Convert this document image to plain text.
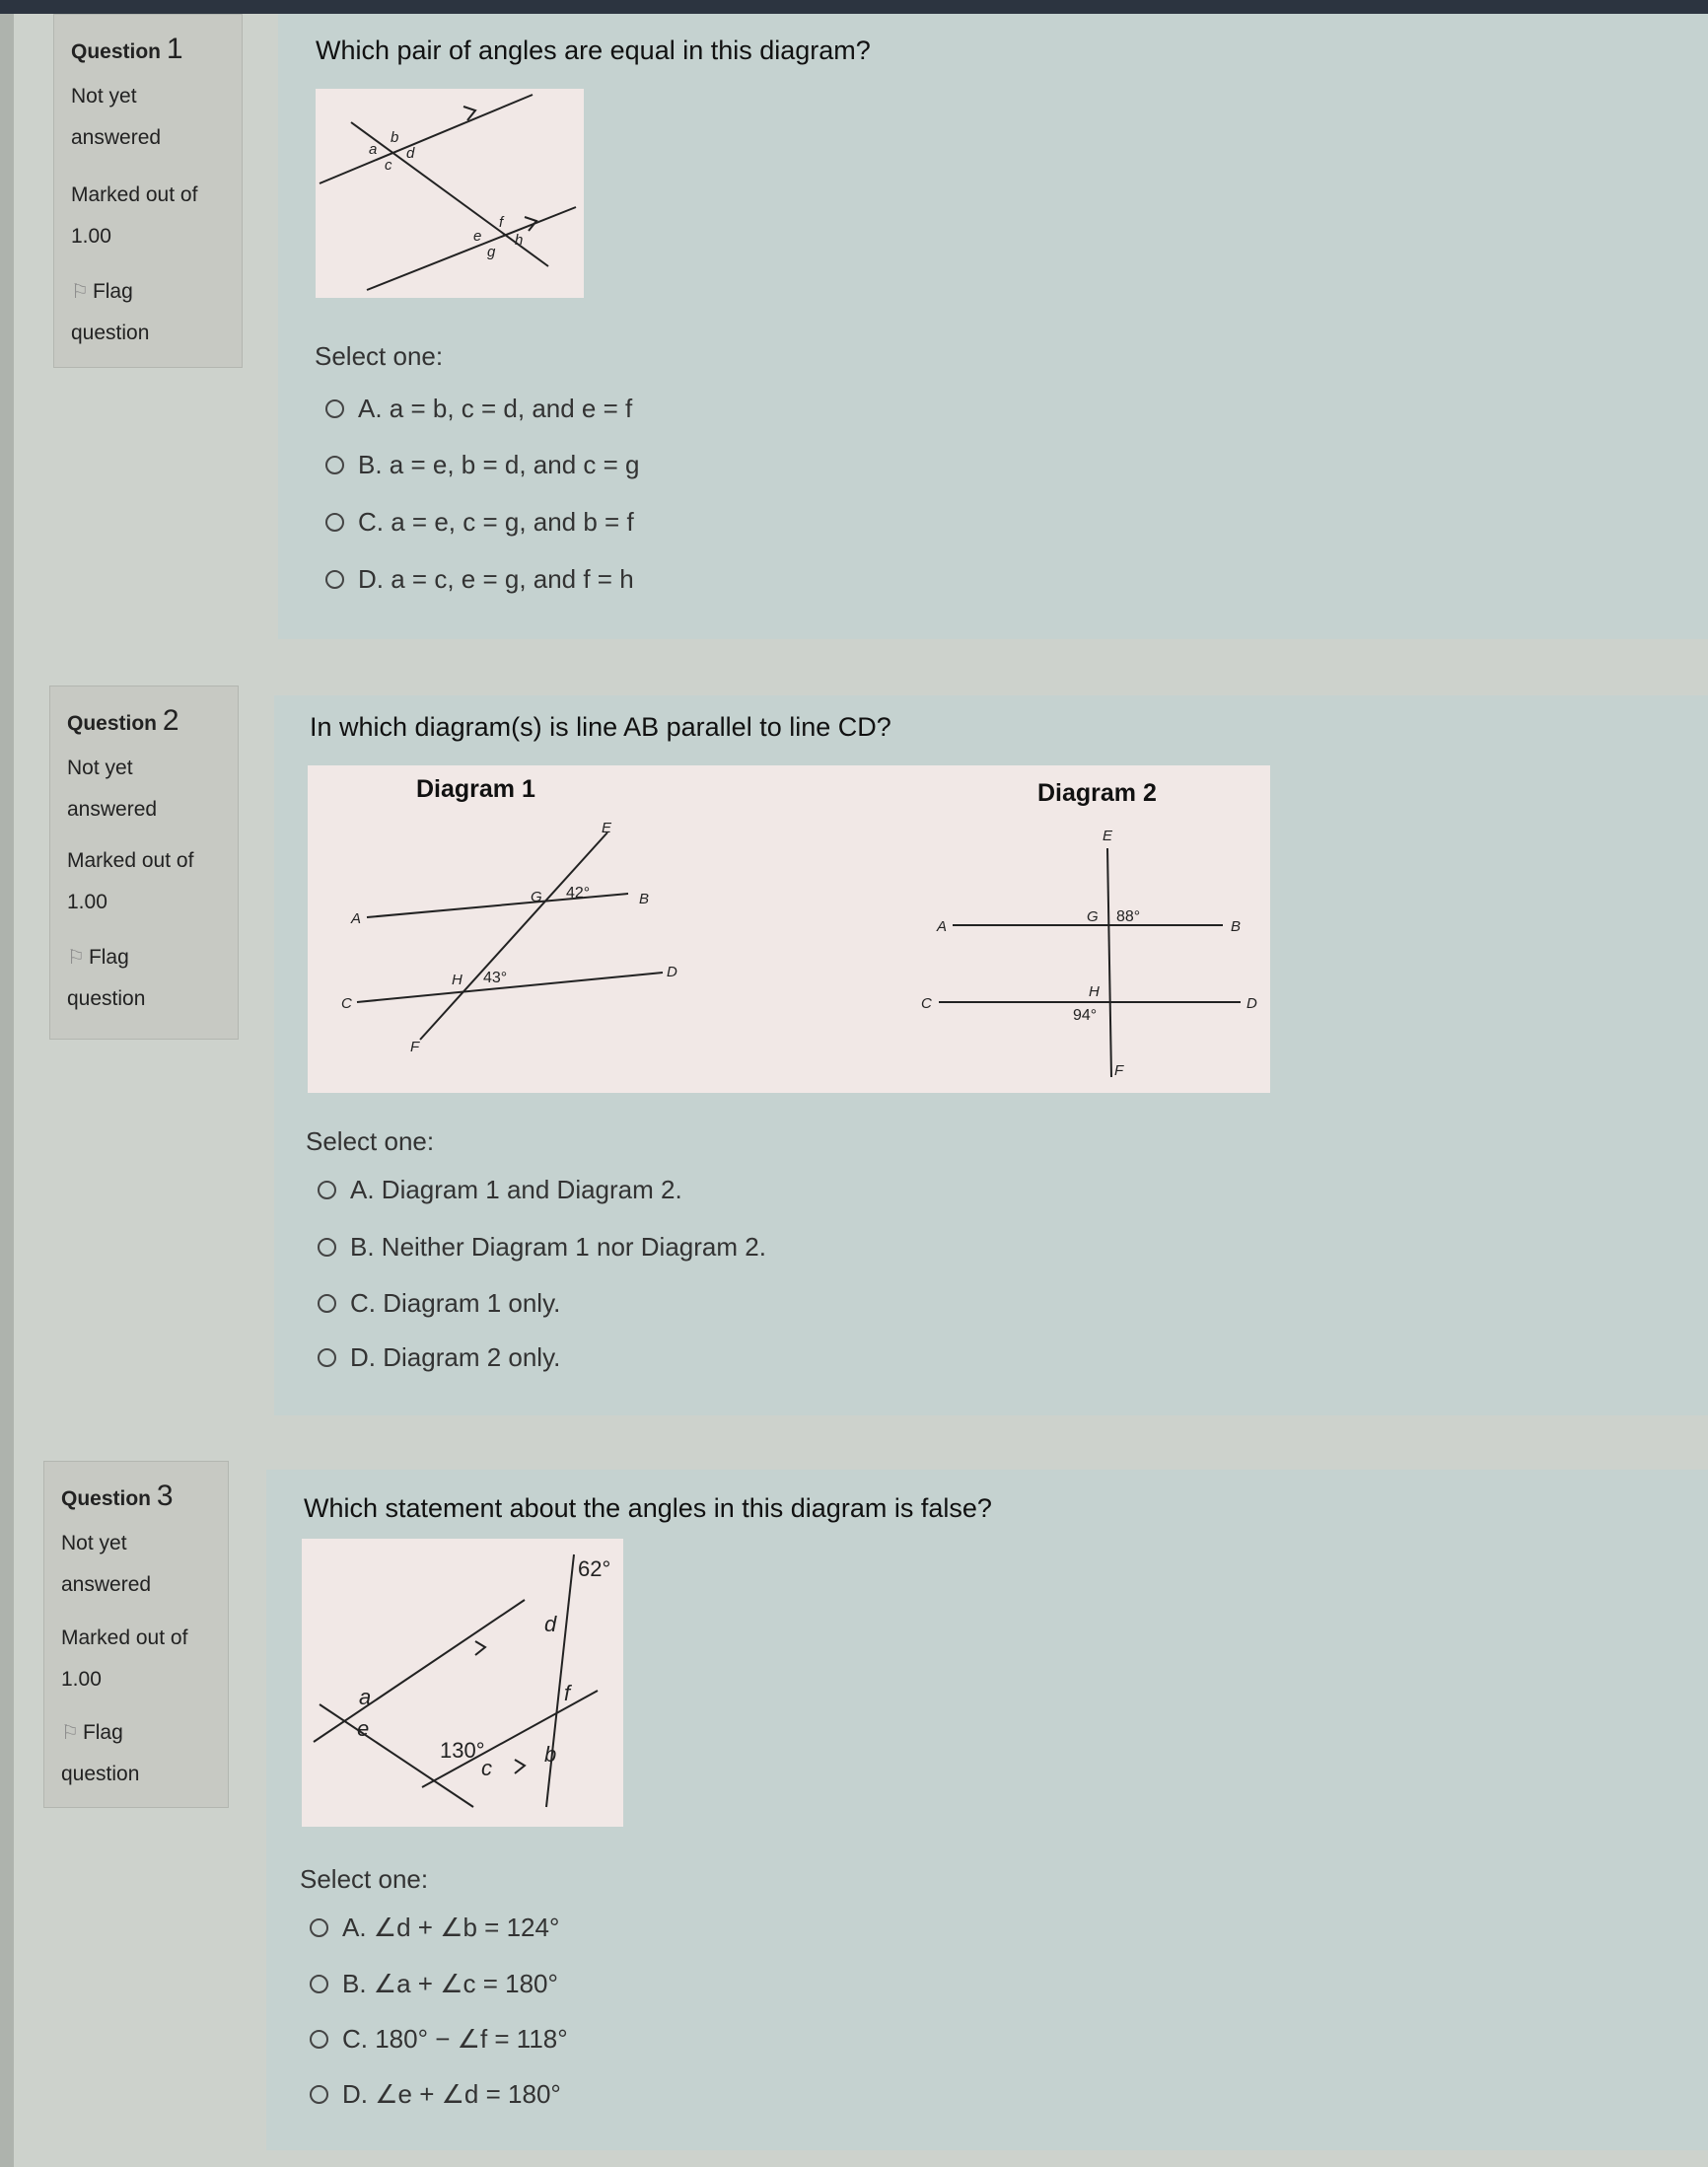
Question 1
Not yet
answered
Marked out of
1.00
⚐ Flag
question
Which pair of angles are equal in this diagram?
a
b
c
d
e
f
g
h
Select one:
A. a = b, c = d, and e = f
B. a = e, b = d, and c = g
C. a = e, c = g, and b = f
D. a = c, e = g, and f = h
Question 2
Not yet
answered
Marked out of
1.00
⚐ Flag
question
In which diagram(s) is line AB parallel to line CD?
Diagram 1
E
G 42°
A
B
H 43°
C
D
F
Diagram 2
E
G 88°
A	B
H
94°
C	D
F
Select one:
A. Diagram 1 and Diagram 2.
B. Neither Diagram 1 nor Diagram 2.
C. Diagram 1 only.
D. Diagram 2 only.
Question 3
Not yet
answered
Marked out of
1.00
⚐ Flag
question
Which statement about the angles in this diagram is false?
62°
130°
a
b
c
d
e
f
Select one:
A. ∠d + ∠b = 124°
B. ∠a + ∠c = 180°
C. 180° − ∠f = 118°
D. ∠e + ∠d = 180°
